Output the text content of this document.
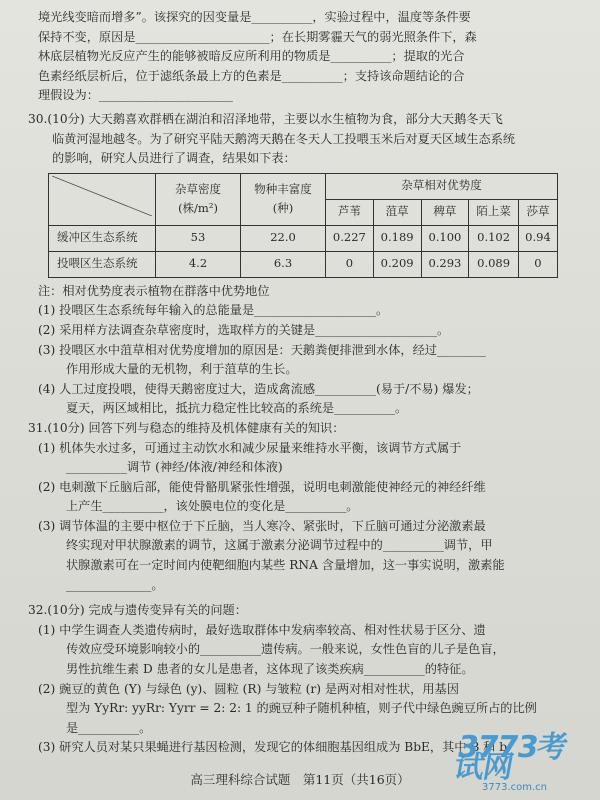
境光线变暗而增多”。该探究的因变量是__________，实验过程中，温度等条件要
保持不变，原因是______________________；在长期雾霾天气的弱光照条件下，森
林底层植物光反应产生的能够被暗反应所利用的物质是__________；提取的光合
色素经纸层析后，位于滤纸条最上方的色素是__________；支持该命题结论的合
理假设为：______________________
30.(10分) 大天鹅喜欢群栖在湖泊和沼泽地带，主要以水生植物为食，部分大天鹅冬天飞
临黄河湿地越冬。为了研究平陆天鹅湾天鹅在冬天人工投喂玉米后对夏天区域生态系统
的影响，研究人员进行了调查，结果如下表：
	杂草密度
(株/m²)	物种丰富度
(种)	杂草相对优势度				
			芦苇	菹草	稗草	陌上菜	莎草
缓冲区生态系统	53	22.0	0.227	0.189	0.100	0.102	0.94
投喂区生态系统	4.2	6.3	0	0.209	0.293	0.089	0
注：相对优势度表示植物在群落中优势地位
(1) 投喂区生态系统每年输入的总能量是____________________。
(2) 采用样方法调查杂草密度时，选取样方的关键是____________________。
(3) 投喂区水中菹草相对优势度增加的原因是：天鹅粪便排泄到水体，经过________
作用形成大量的无机物，利于菹草的生长。
(4) 人工过度投喂，使得天鹅密度过大，造成禽流感__________(易于/不易) 爆发；
夏天，两区域相比，抵抗力稳定性比较高的系统是__________。
31.(10分) 回答下列与稳态的维持及机体健康有关的知识：
(1) 机体失水过多，可通过主动饮水和减少尿量来维持水平衡，该调节方式属于
__________调节 (神经/体液/神经和体液)
(2) 电刺激下丘脑后部，能使骨骼肌紧张性增强，说明电刺激能使神经元的神经纤维
上产生__________，该处膜电位的变化是__________。
(3) 调节体温的主要中枢位于下丘脑，当人寒冷、紧张时，下丘脑可通过分泌激素最
终实现对甲状腺激素的调节，这属于激素分泌调节过程中的__________调节，甲
状腺激素可在一定时间内使靶细胞内某些 RNA 含量增加，这一事实说明，激素能
______________。
32.(10分) 完成与遗传变异有关的问题：
(1) 中学生调查人类遗传病时，最好选取群体中发病率较高、相对性状易于区分、遗
传效应受环境影响较小的__________遗传病。一般来说，女性色盲的儿子是色盲，
男性抗维生素 D 患者的女儿是患者，这体现了该类疾病__________的特征。
(2) 豌豆的黄色 (Y) 与绿色 (y)、圆粒 (R) 与皱粒 (r) 是两对相对性状，用基因
型为 YyRr: yyRr: Yyrr = 2: 2: 1 的豌豆种子随机种植，则子代中绿色豌豆所占的比例
是__________。
(3) 研究人员对某只果蝇进行基因检测，发现它的体细胞基因组成为 BbE，其中 B 和 b
高三理科综合试题　第11页（共16页）
3773考试网
3773.com.cn
